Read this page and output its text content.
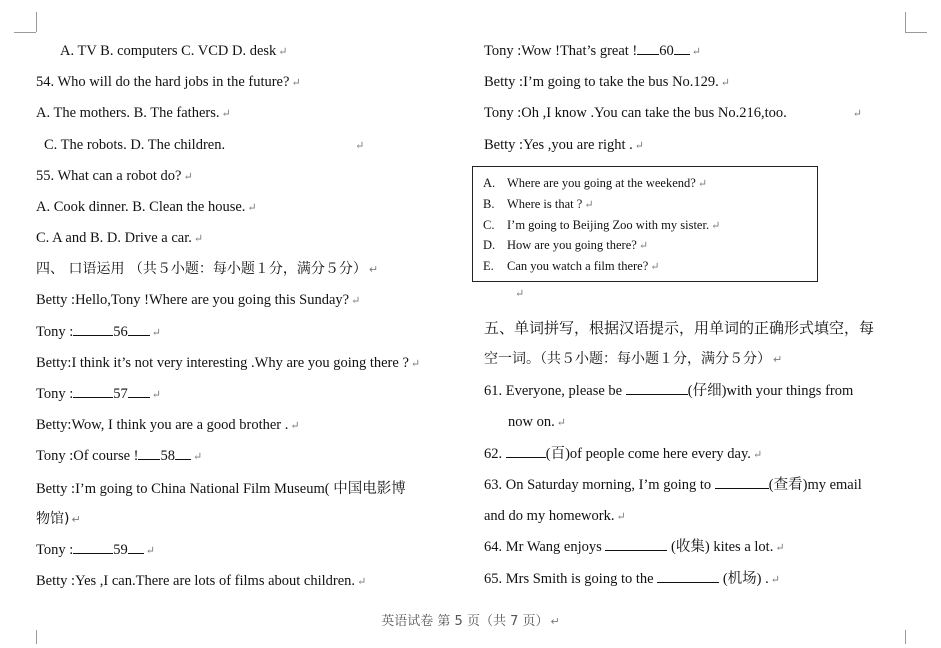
A. TV B. computers C. VCD D. desk ↵
54. Who will do the hard jobs in the future? ↵
A. The mothers. B. The fathers. ↵
C. The robots. D. The children.	↵
55. What can a robot do? ↵
A. Cook dinner. B. Clean the house. ↵
C. A and B. D. Drive a car. ↵
四、 口语运用 （共５小题：每小题１分，满分５分） ↵
Betty :Hello,Tony !Where are you going this Sunday? ↵
Tony :	56 ↵
Betty:I think it’s not very interesting .Why are you going there ? ↵
Tony :	57 ↵
Betty:Wow, I think you are a good brother . ↵
Tony :Of course ! 58 ↵
Betty :I’m going to China National Film Museum( 中国电影博
物馆) ↵
Tony :	59 ↵
Betty :Yes ,I can.There are lots of films about children. ↵
Tony :Wow !That’s great ! 60 ↵
Betty :I’m going to take the bus No.129. ↵
Tony :Oh ,I know .You can take the bus No.216,too.	↵
Betty :Yes ,you are right . ↵
A. Where are you going at the weekend? ↵
B. Where is that ? ↵
C. I’m going to Beijing Zoo with my sister. ↵
D. How are you going there? ↵
E. Can you watch a film there? ↵
↵
五、单词拼写，根据汉语提示，用单词的正确形式填空，每
空一词。（共５小题：每小题１分，满分５分） ↵
61. Everyone, please be	(仔细)with your things from
now on. ↵
62.	(百)of people come here every day. ↵
63. On Saturday morning, I’m going to	(查看)my email
and do my homework. ↵
64. Mr Wang enjoys	(收集) kites a lot. ↵
65. Mrs Smith is going to the	(机场) . ↵
英语试卷 第 5 页（共 7 页） ↵
